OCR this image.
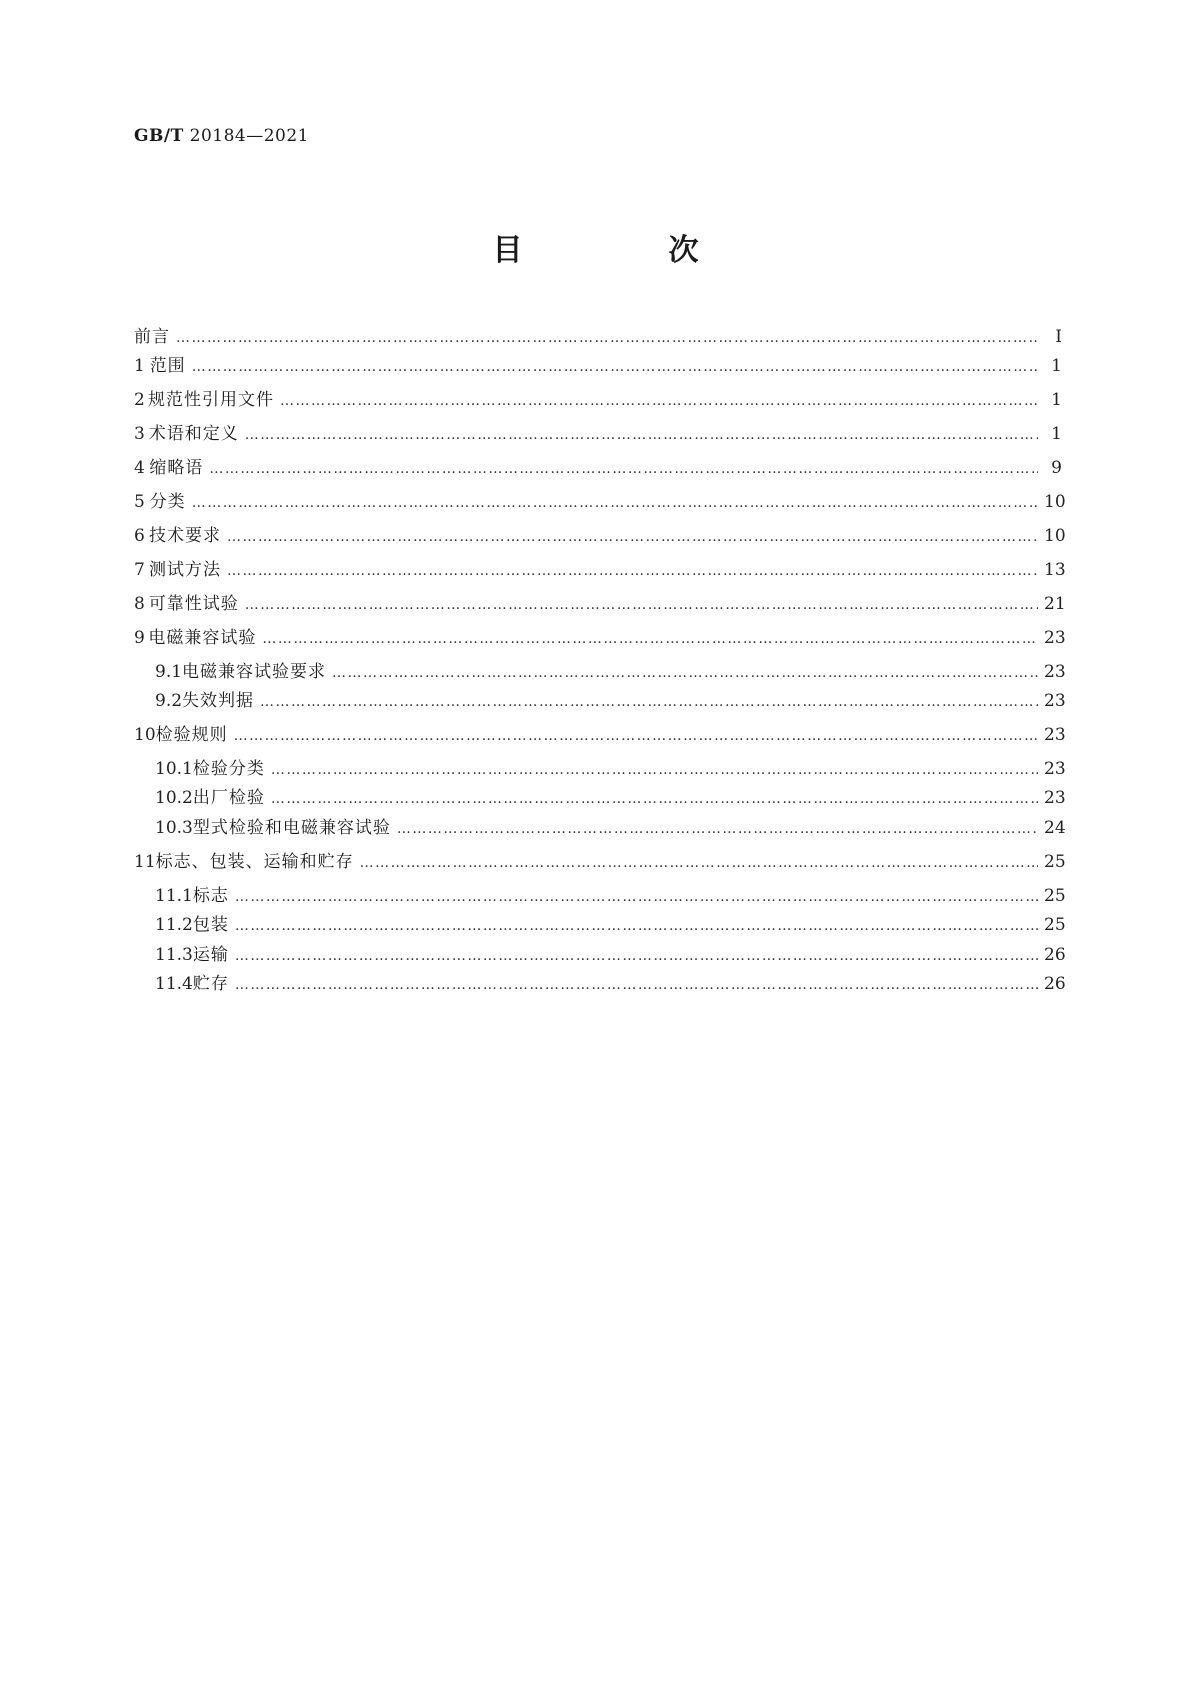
GB/T 20184—2021
目　次
前言 …………………………………………………………………………………………………………………………………………………………………………………………………………………………………………………………	Ⅰ
1 范围 …………………………………………………………………………………………………………………………………………………………………………………………………………………………………………………………	1
2 规范性引用文件 …………………………………………………………………………………………………………………………………………………………………………………………………………………………………………………………	1
3 术语和定义 …………………………………………………………………………………………………………………………………………………………………………………………………………………………………………………………	1
4 缩略语 …………………………………………………………………………………………………………………………………………………………………………………………………………………………………………………………	9
5 分类 …………………………………………………………………………………………………………………………………………………………………………………………………………………………………………………………	10
6 技术要求 …………………………………………………………………………………………………………………………………………………………………………………………………………………………………………………………	10
7 测试方法 …………………………………………………………………………………………………………………………………………………………………………………………………………………………………………………………	13
8 可靠性试验 …………………………………………………………………………………………………………………………………………………………………………………………………………………………………………………………	21
9 电磁兼容试验 …………………………………………………………………………………………………………………………………………………………………………………………………………………………………………………………	23
9.1 电磁兼容试验要求 …………………………………………………………………………………………………………………………………………………………………………………………………………………………………………………………	23
9.2 失效判据 …………………………………………………………………………………………………………………………………………………………………………………………………………………………………………………………	23
10 检验规则 …………………………………………………………………………………………………………………………………………………………………………………………………………………………………………………………	23
10.1 检验分类 …………………………………………………………………………………………………………………………………………………………………………………………………………………………………………………………	23
10.2 出厂检验 …………………………………………………………………………………………………………………………………………………………………………………………………………………………………………………………	23
10.3 型式检验和电磁兼容试验 …………………………………………………………………………………………………………………………………………………………………………………………………………………………………………………………	24
11 标志、包装、运输和贮存 …………………………………………………………………………………………………………………………………………………………………………………………………………………………………………………………	25
11.1 标志 …………………………………………………………………………………………………………………………………………………………………………………………………………………………………………………………	25
11.2 包装 …………………………………………………………………………………………………………………………………………………………………………………………………………………………………………………………	25
11.3 运输 …………………………………………………………………………………………………………………………………………………………………………………………………………………………………………………………	26
11.4 贮存 …………………………………………………………………………………………………………………………………………………………………………………………………………………………………………………………	26
